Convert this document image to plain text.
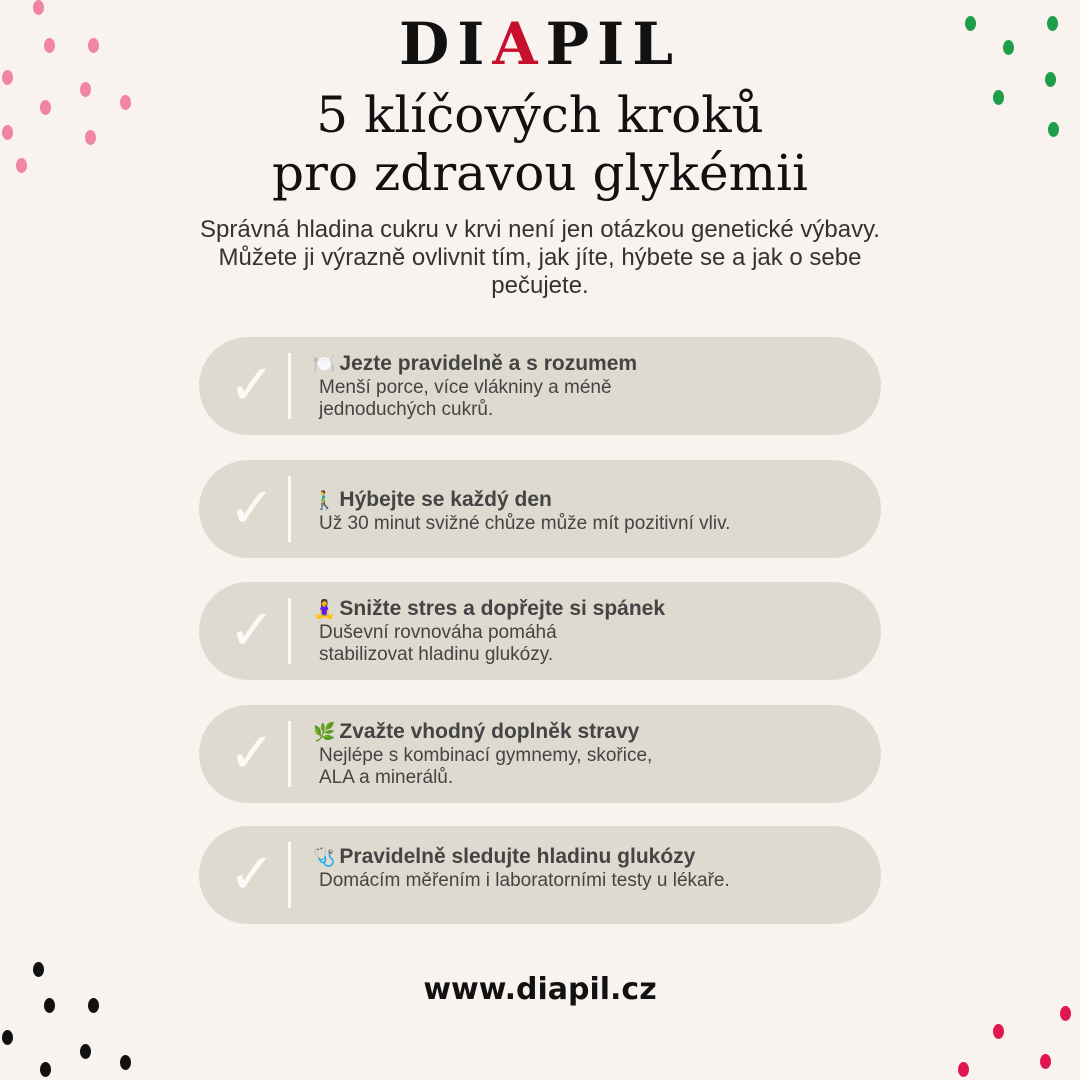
DIAPIL
5 klíčových kroků
pro zdravou glykémii
Správná hladina cukru v krvi není jen otázkou genetické výbavy. Můžete ji výrazně ovlivnit tím, jak jíte, hýbete se a jak o sebe pečujete.
✓	🍽️ Jezte pravidelně a s rozumem
Menší porce, více vlákniny a méně
jednoduchých cukrů.
✓	🚶‍♂️ Hýbejte se každý den
Už 30 minut svižné chůze může mít pozitivní vliv.
✓	🧘‍♀️ Snižte stres a dopřejte si spánek
Duševní rovnováha pomáhá
stabilizovat hladinu glukózy.
✓	🌿 Zvažte vhodný doplněk stravy
Nejlépe s kombinací gymnemy, skořice,
ALA a minerálů.
✓	🩺 Pravidelně sledujte hladinu glukózy
Domácím měřením i laboratorními testy u lékaře.
www.diapil.cz
